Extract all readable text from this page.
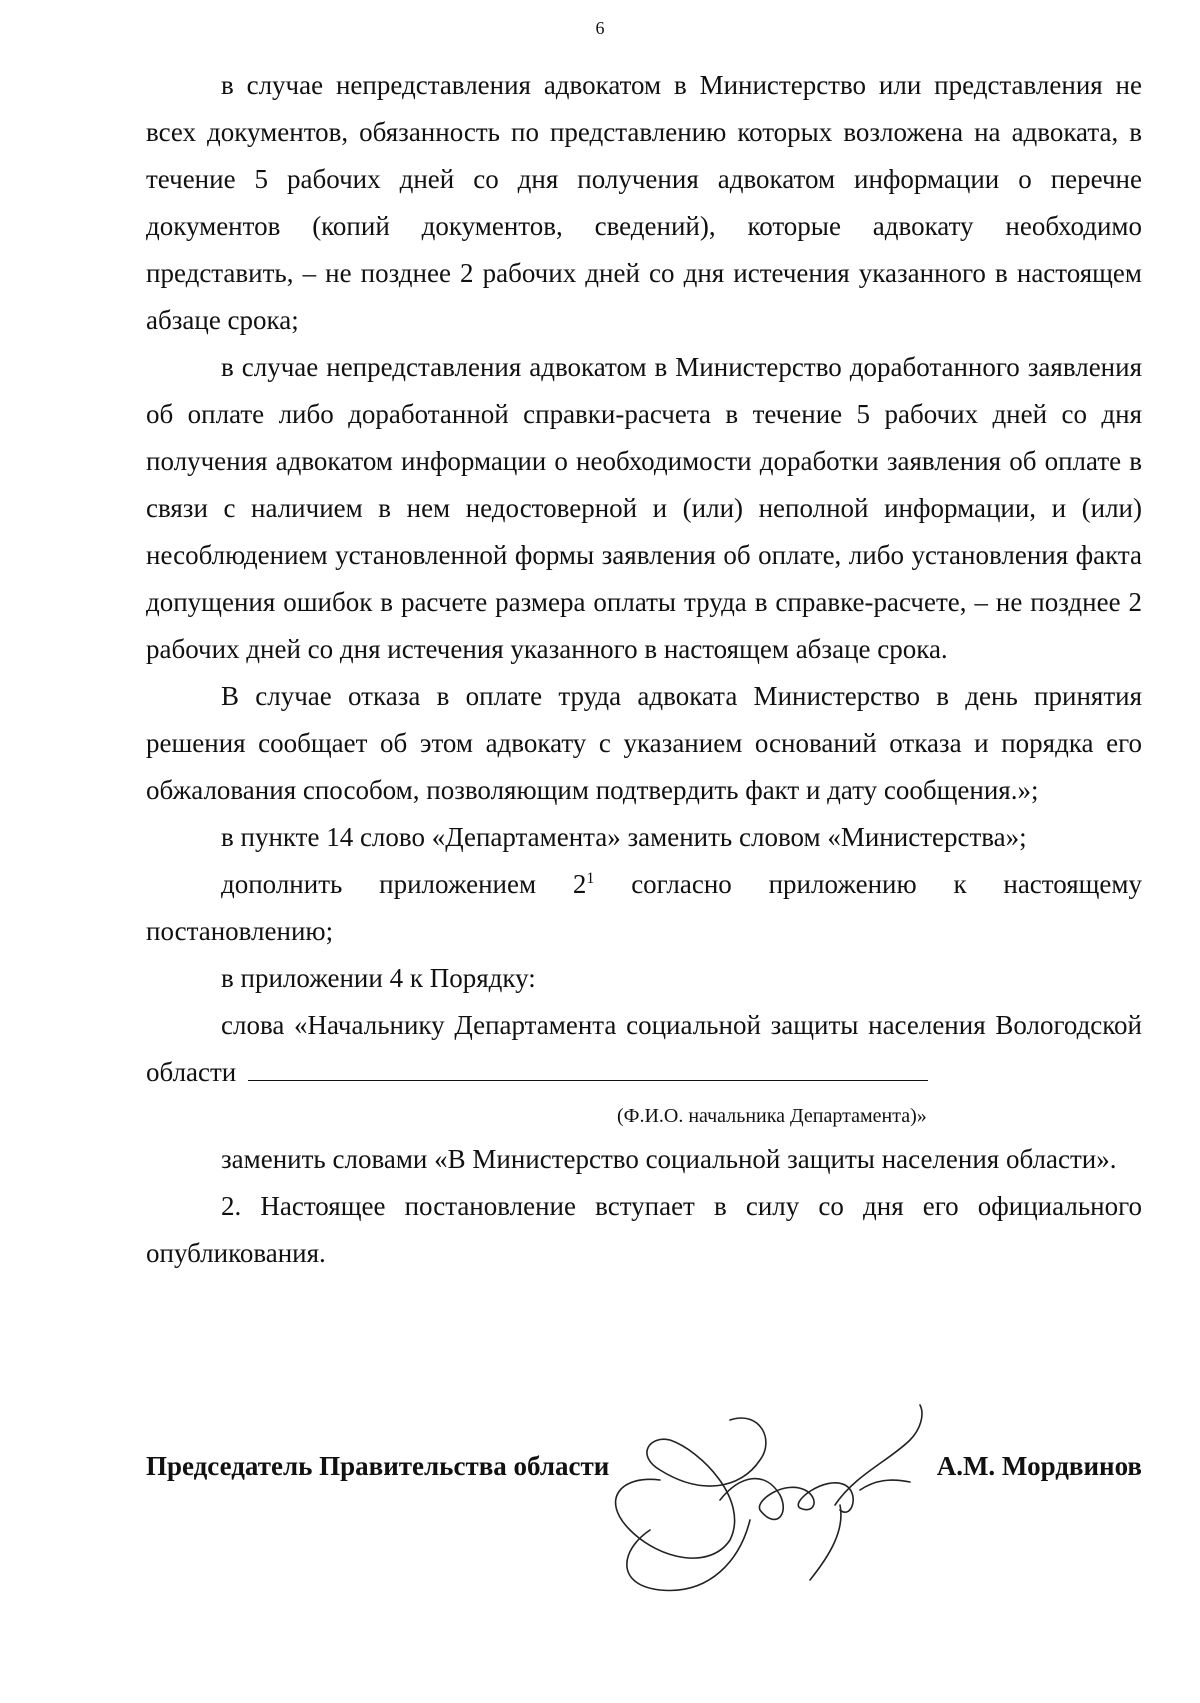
6

в случае непредставления адвокатом в Министерство или представления не всех документов, обязанность по представлению которых возложена на адвоката, в течение 5 рабочих дней со дня получения адвокатом информации о перечне документов (копий документов, сведений), которые адвокату необходимо представить, – не позднее 2 рабочих дней со дня истечения указанного в настоящем абзаце срока;

в случае непредставления адвокатом в Министерство доработанного заявления об оплате либо доработанной справки-расчета в течение 5 рабочих дней со дня получения адвокатом информации о необходимости доработки заявления об оплате в связи с наличием в нем недостоверной и (или) неполной информации, и (или) несоблюдением установленной формы заявления об оплате, либо установления факта допущения ошибок в расчете размера оплаты труда в справке-расчете, – не позднее 2 рабочих дней со дня истечения указанного в настоящем абзаце срока.

В случае отказа в оплате труда адвоката Министерство в день принятия решения сообщает об этом адвокату с указанием оснований отказа и порядка его обжалования способом, позволяющим подтвердить факт и дату сообщения.»;

в пункте 14 слово «Департамента» заменить словом «Министерства»;

дополнить приложением $2^1$ согласно приложению к настоящему постановлению;

в приложении 4 к Порядку:

слова «Начальнику Департамента социальной защиты населения Вологодской области

(Ф.И.О. начальника Департамента)»

заменить словами «В Министерство социальной защиты населения области».

2. Настоящее постановление вступает в силу со дня его официального опубликования.

Председатель Правительства области	А.М. Мордвинов
